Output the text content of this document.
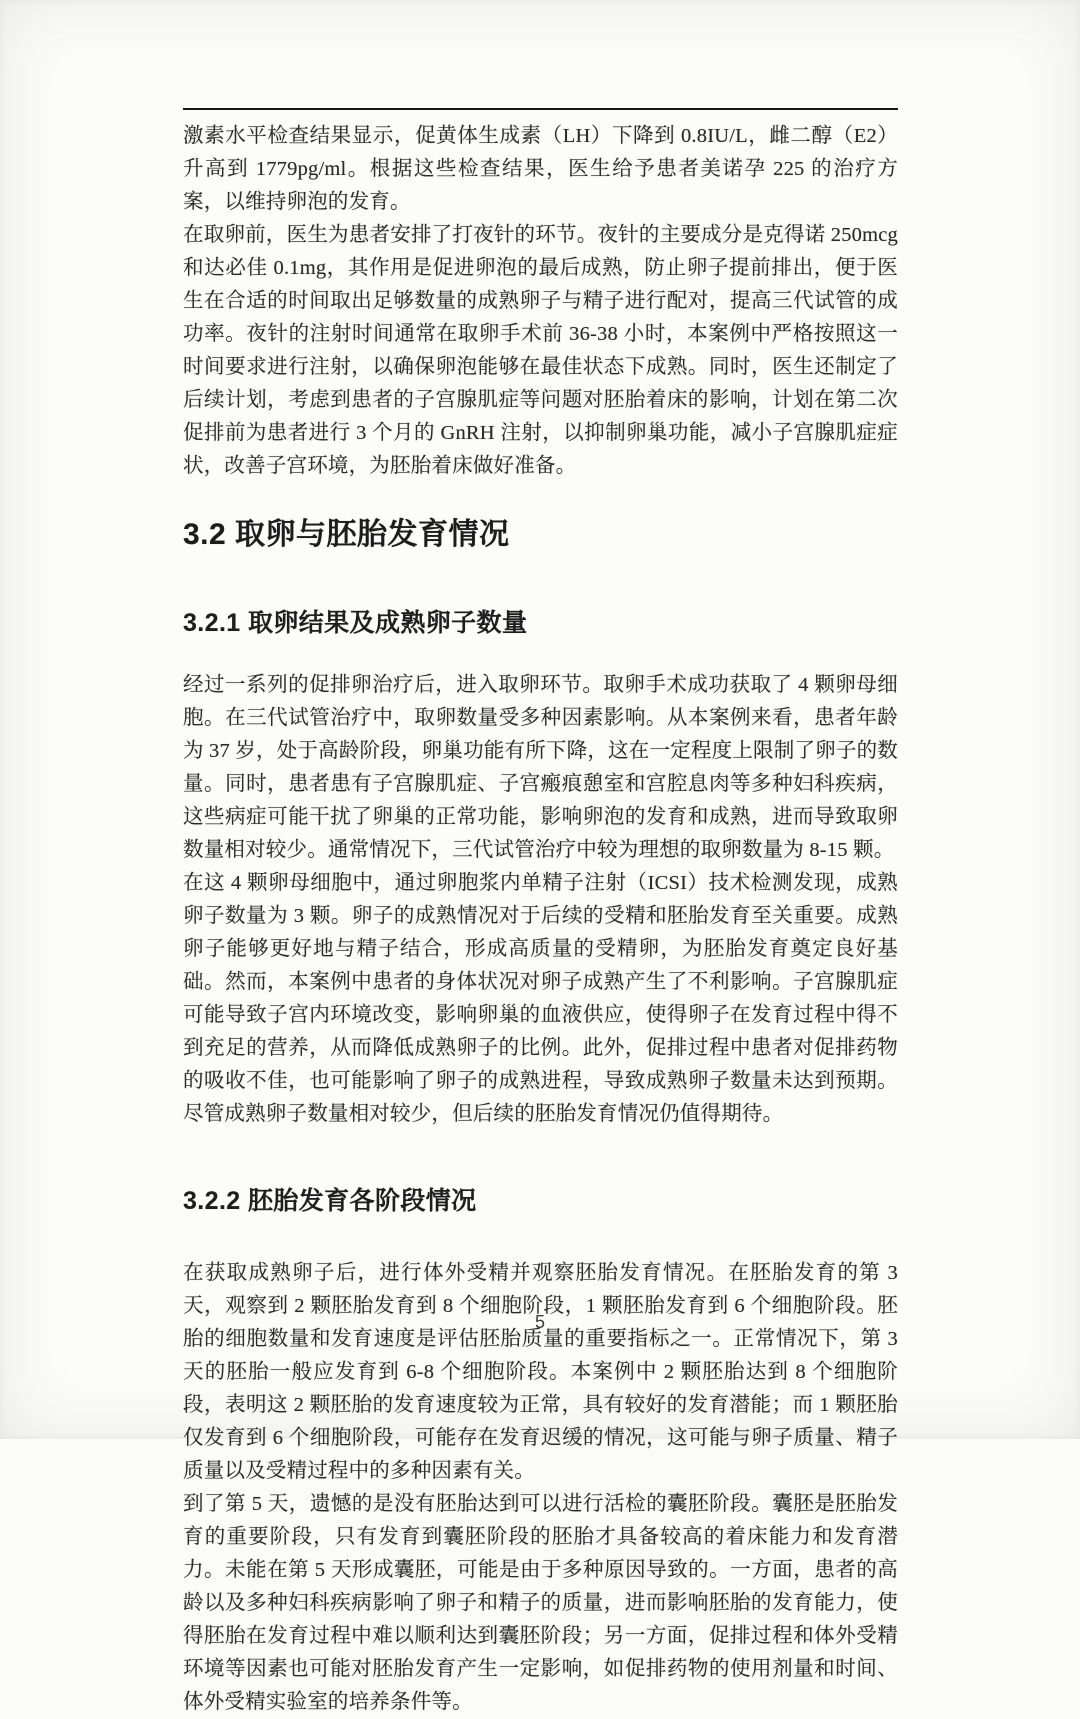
激素水平检查结果显示，促黄体生成素（LH）下降到 0.8IU/L，雌二醇（E2）升高到 1779pg/ml。根据这些检查结果，医生给予患者美诺孕 225 的治疗方案，以维持卵泡的发育。

在取卵前，医生为患者安排了打夜针的环节。夜针的主要成分是克得诺 250mcg 和达必佳 0.1mg，其作用是促进卵泡的最后成熟，防止卵子提前排出，便于医生在合适的时间取出足够数量的成熟卵子与精子进行配对，提高三代试管的成功率。夜针的注射时间通常在取卵手术前 36-38 小时，本案例中严格按照这一时间要求进行注射，以确保卵泡能够在最佳状态下成熟。同时，医生还制定了后续计划，考虑到患者的子宫腺肌症等问题对胚胎着床的影响，计划在第二次促排前为患者进行 3 个月的 GnRH 注射，以抑制卵巢功能，减小子宫腺肌症症状，改善子宫环境，为胚胎着床做好准备。

3.2 取卵与胚胎发育情况
3.2.1 取卵结果及成熟卵子数量

经过一系列的促排卵治疗后，进入取卵环节。取卵手术成功获取了 4 颗卵母细胞。在三代试管治疗中，取卵数量受多种因素影响。从本案例来看，患者年龄为 37 岁，处于高龄阶段，卵巢功能有所下降，这在一定程度上限制了卵子的数量。同时，患者患有子宫腺肌症、子宫瘢痕憩室和宫腔息肉等多种妇科疾病，这些病症可能干扰了卵巢的正常功能，影响卵泡的发育和成熟，进而导致取卵数量相对较少。通常情况下，三代试管治疗中较为理想的取卵数量为 8-15 颗。

在这 4 颗卵母细胞中，通过卵胞浆内单精子注射（ICSI）技术检测发现，成熟卵子数量为 3 颗。卵子的成熟情况对于后续的受精和胚胎发育至关重要。成熟卵子能够更好地与精子结合，形成高质量的受精卵，为胚胎发育奠定良好基础。然而，本案例中患者的身体状况对卵子成熟产生了不利影响。子宫腺肌症可能导致子宫内环境改变，影响卵巢的血液供应，使得卵子在发育过程中得不到充足的营养，从而降低成熟卵子的比例。此外，促排过程中患者对促排药物的吸收不佳，也可能影响了卵子的成熟进程，导致成熟卵子数量未达到预期。尽管成熟卵子数量相对较少，但后续的胚胎发育情况仍值得期待。

3.2.2 胚胎发育各阶段情况

在获取成熟卵子后，进行体外受精并观察胚胎发育情况。在胚胎发育的第 3 天，观察到 2 颗胚胎发育到 8 个细胞阶段，1 颗胚胎发育到 6 个细胞阶段。胚胎的细胞数量和发育速度是评估胚胎质量的重要指标之一。正常情况下，第 3 天的胚胎一般应发育到 6-8 个细胞阶段。本案例中 2 颗胚胎达到 8 个细胞阶段，表明这 2 颗胚胎的发育速度较为正常，具有较好的发育潜能；而 1 颗胚胎仅发育到 6 个细胞阶段，可能存在发育迟缓的情况，这可能与卵子质量、精子质量以及受精过程中的多种因素有关。

到了第 5 天，遗憾的是没有胚胎达到可以进行活检的囊胚阶段。囊胚是胚胎发育的重要阶段，只有发育到囊胚阶段的胚胎才具备较高的着床能力和发育潜力。未能在第 5 天形成囊胚，可能是由于多种原因导致的。一方面，患者的高龄以及多种妇科疾病影响了卵子和精子的质量，进而影响胚胎的发育能力，使得胚胎在发育过程中难以顺利达到囊胚阶段；另一方面，促排过程和体外受精环境等因素也可能对胚胎发育产生一定影响，如促排药物的使用剂量和时间、体外受精实验室的培养条件等。

5
